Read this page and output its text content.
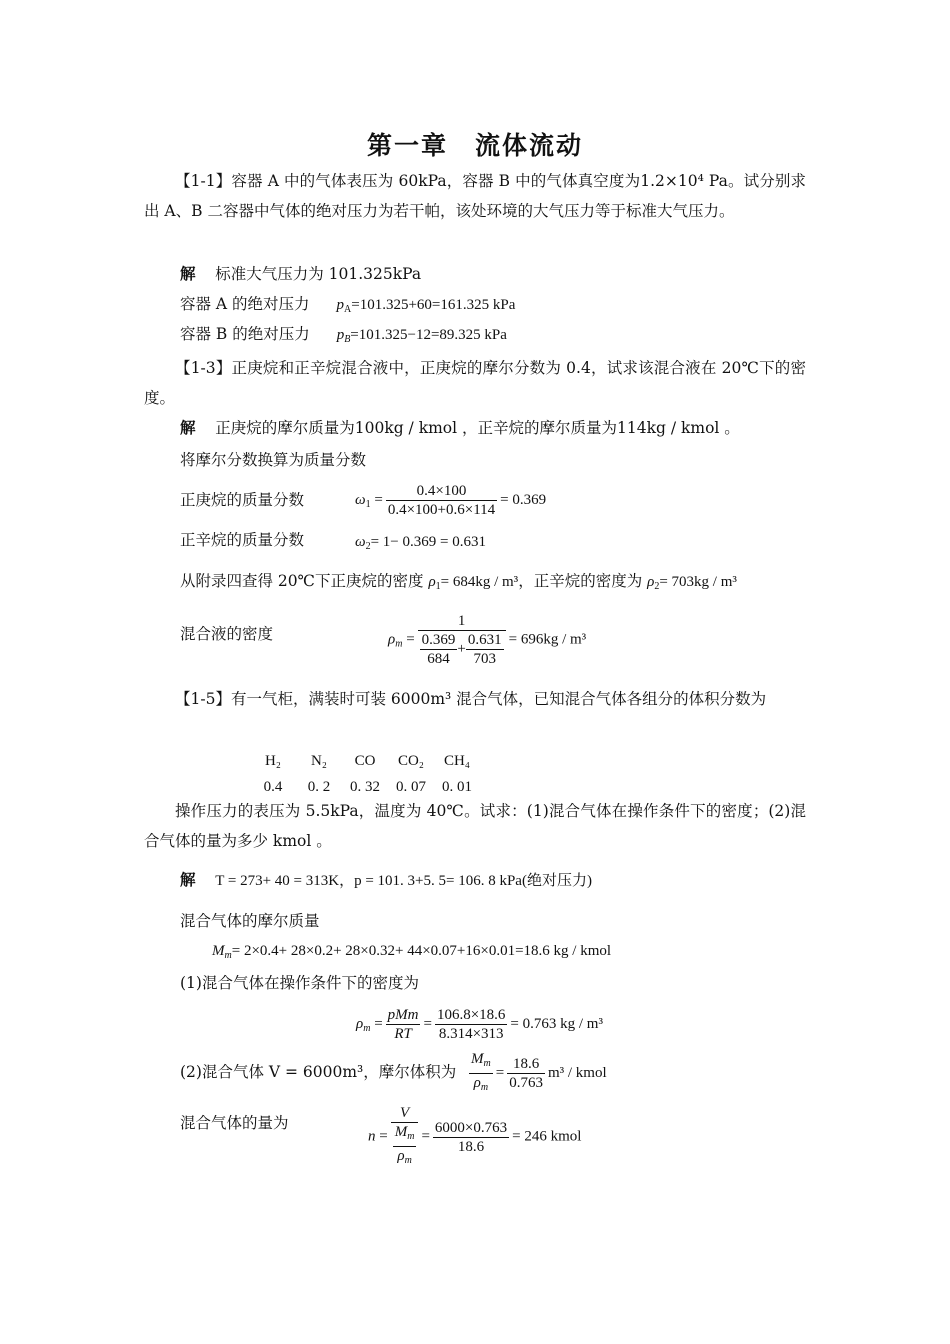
第一章　流体流动
【1-1】容器 A 中的气体表压为 60kPa，容器 B 中的气体真空度为1.2×10⁴ Pa。试分别求出 A、B 二容器中气体的绝对压力为若干帕，该处环境的大气压力等于标准大气压力。
解 标准大气压力为 101.325kPa
容器 A 的绝对压力 $p_A=101.325+60=161.325$ kPa
容器 B 的绝对压力 $p_B=101.325-12=89.325$ kPa
【1-3】正庚烷和正辛烷混合液中，正庚烷的摩尔分数为 0.4，试求该混合液在 20℃下的密度。
解 正庚烷的摩尔质量为100kg / kmol ，正辛烷的摩尔质量为114kg / kmol 。
将摩尔分数换算为质量分数
正庚烷的质量分数	$\omega_1 = \frac{0.4\times 100}{0.4\times 100+0.6\times 114} = 0.369$
正辛烷的质量分数	$\omega_2= 1- 0.369 = 0.631$
从附录四查得 20℃下正庚烷的密度 $\rho_1= 684kg / m^3$，正辛烷的密度为 $\rho_2= 703kg / m^3$
混合液的密度	$\rho_m = \frac{1}{\frac{0.369}{684} + \frac{0.631}{703}} = 696kg / m^3$
【1-5】有一气柜，满装时可装 6000m³ 混合气体，已知混合气体各组分的体积分数为
H₂	N₂	CO	CO₂	CH₄
0.4	0. 2	0. 32	0. 07	0. 01
操作压力的表压为 5.5kPa，温度为 40℃。试求：(1)混合气体在操作条件下的密度；(2)混合气体的量为多少 kmol 。
解 T = 273+ 40 = 313K，p = 101. 3+5. 5= 106. 8 kPa(绝对压力)
混合气体的摩尔质量
$M_m= 2\times 0.4+ 28\times 0.2+ 28\times 0.32+ 44\times 0.07+16\times 0.01=18.6$ kg / kmol
(1)混合气体在操作条件下的密度为
$\rho_m = \frac{\text{pMm}}{RT} = \frac{106.8\times 18.6}{8.314\times 313} = 0.763$ kg / m³
(2)混合气体 V = 6000m³，摩尔体积为 $\frac{M_m}{\rho_m} = \frac{18.6}{0.763} m^3$ / kmol
混合气体的量为
$n = \frac{V}{\frac{M_m}{\rho_m}} = \frac{6000\times 0.763}{18.6} = 246$ kmol
